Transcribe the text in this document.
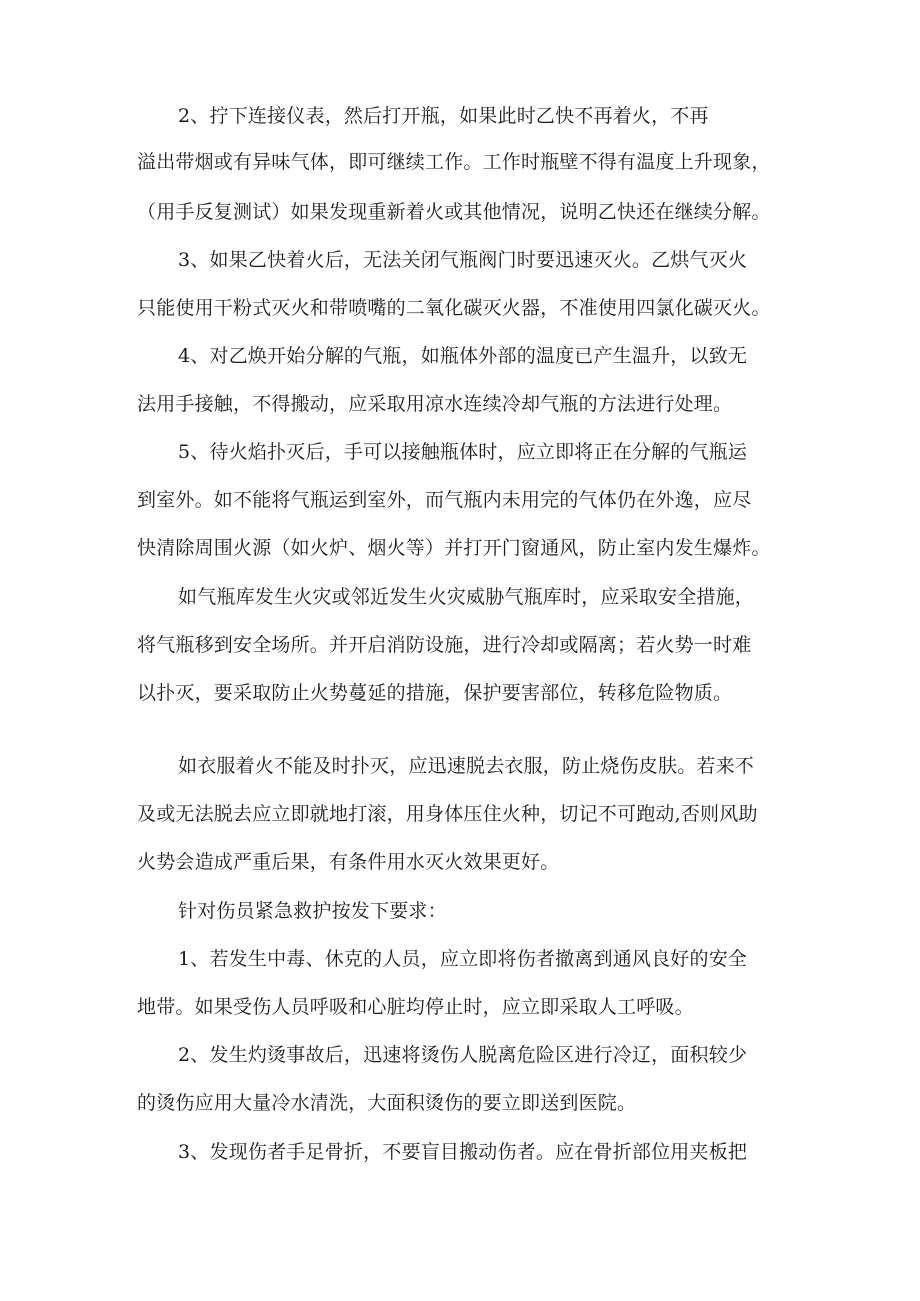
2、拧下连接仪表，然后打开瓶，如果此时乙快不再着火，不再
溢出带烟或有异味气体，即可继续工作。工作时瓶壁不得有温度上升现象，
（用手反复测试）如果发现重新着火或其他情况，说明乙快还在继续分解。
3、如果乙快着火后，无法关闭气瓶阀门时要迅速灭火。乙烘气灭火
只能使用干粉式灭火和带喷嘴的二氧化碳灭火器，不准使用四氯化碳灭火。
4、对乙焕开始分解的气瓶，如瓶体外部的温度已产生温升，以致无
法用手接触，不得搬动，应采取用凉水连续冷却气瓶的方法进行处理。
5、待火焰扑灭后，手可以接触瓶体时，应立即将正在分解的气瓶运
到室外。如不能将气瓶运到室外，而气瓶内未用完的气体仍在外逸，应尽
快清除周围火源（如火炉、烟火等）并打开门窗通风，防止室内发生爆炸。
如气瓶库发生火灾或邻近发生火灾威胁气瓶库时，应采取安全措施，
将气瓶移到安全场所。并开启消防设施，进行冷却或隔离；若火势一时难
以扑灭，要采取防止火势蔓延的措施，保护要害部位，转移危险物质。
如衣服着火不能及时扑灭，应迅速脱去衣服，防止烧伤皮肤。若来不
及或无法脱去应立即就地打滚，用身体压住火种，切记不可跑动,否则风助
火势会造成严重后果，有条件用水灭火效果更好。
针对伤员紧急救护按发下要求：
1、若发生中毒、休克的人员，应立即将伤者撤离到通风良好的安全
地带。如果受伤人员呼吸和心脏均停止时，应立即采取人工呼吸。
2、发生灼烫事故后，迅速将烫伤人脱离危险区进行冷辽，面积较少
的烫伤应用大量冷水清洗，大面积烫伤的要立即送到医院。
3、发现伤者手足骨折，不要盲目搬动伤者。应在骨折部位用夹板把
